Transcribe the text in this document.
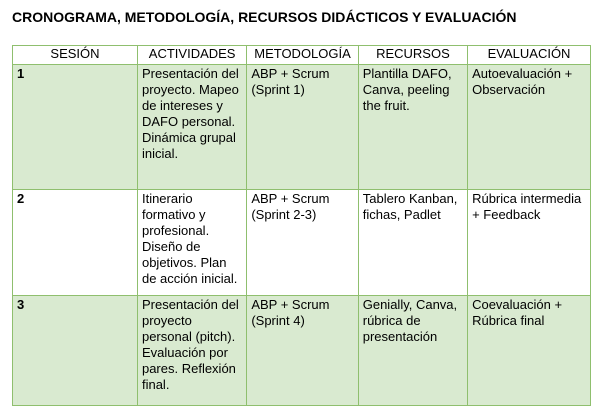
CRONOGRAMA, METODOLOGÍA, RECURSOS DIDÁCTICOS Y EVALUACIÓN
SESIÓN	ACTIVIDADES	METODOLOGÍA	RECURSOS	EVALUACIÓN
1	Presentación del proyecto. Mapeo de intereses y DAFO personal. Dinámica grupal inicial.	ABP + Scrum (Sprint 1)	Plantilla DAFO, Canva, peeling the fruit.	Autoevaluación + Observación
2	Itinerario formativo y profesional. Diseño de objetivos. Plan de acción inicial.	ABP + Scrum (Sprint 2-3)	Tablero Kanban, fichas, Padlet	Rúbrica intermedia + Feedback
3	Presentación del proyecto personal (pitch). Evaluación por pares. Reflexión final.	ABP + Scrum (Sprint 4)	Genially, Canva, rúbrica de presentación	Coevaluación + Rúbrica final
